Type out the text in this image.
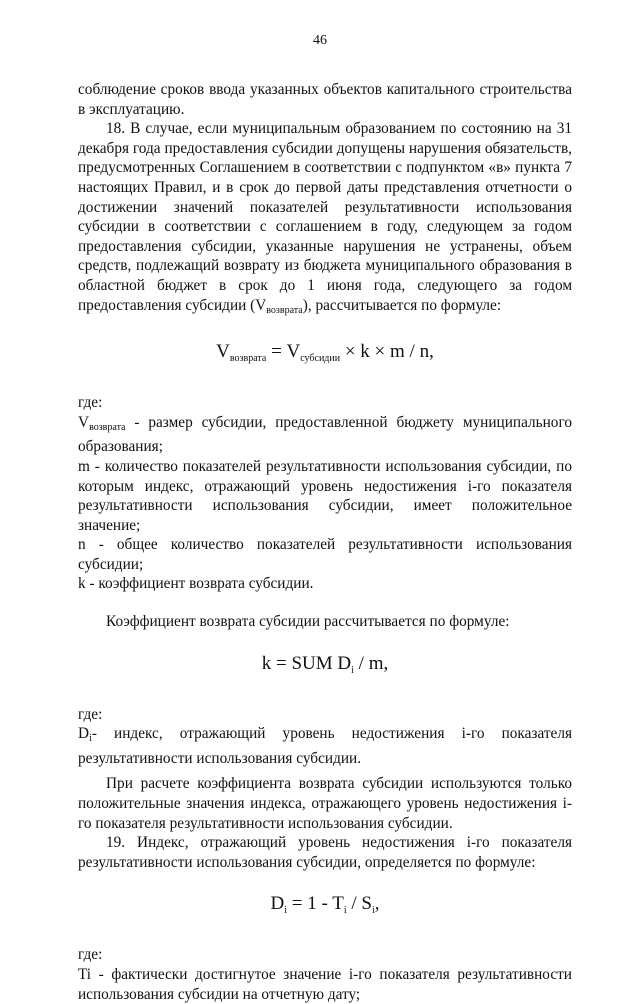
46

соблюдение сроков ввода указанных объектов капитального строительства в эксплуатацию.

18. В случае, если муниципальным образованием по состоянию на 31 декабря года предоставления субсидии допущены нарушения обязательств, предусмотренных Соглашением в соответствии с подпунктом «в» пункта 7 настоящих Правил, и в срок до первой даты представления отчетности о достижении значений показателей результативности использования субсидии в соответствии с соглашением в году, следующем за годом предоставления субсидии, указанные нарушения не устранены, объем средств, подлежащий возврату из бюджета муниципального образования в областной бюджет в срок до 1 июня года, следующего за годом предоставления субсидии (Vвозврата), рассчитывается по формуле:

$V_{возврата} = V_{субсидии} \times k \times m / n$,

где:

Vвозврата - размер субсидии, предоставленной бюджету муниципального образования;

m - количество показателей результативности использования субсидии, по которым индекс, отражающий уровень недостижения i-го показателя результативности использования субсидии, имеет положительное значение;

n - общее количество показателей результативности использования субсидии;

k - коэффициент возврата субсидии.

Коэффициент возврата субсидии рассчитывается по формуле:

k = SUM $D_i$ / m,

где:

Di- индекс, отражающий уровень недостижения i-го показателя результативности использования субсидии.

При расчете коэффициента возврата субсидии используются только положительные значения индекса, отражающего уровень недостижения i-го показателя результативности использования субсидии.

19. Индекс, отражающий уровень недостижения i-го показателя результативности использования субсидии, определяется по формуле:

$D_i = 1 - T_i / S_i$,

где:

Ti - фактически достигнутое значение i-го показателя результативности использования субсидии на отчетную дату;
